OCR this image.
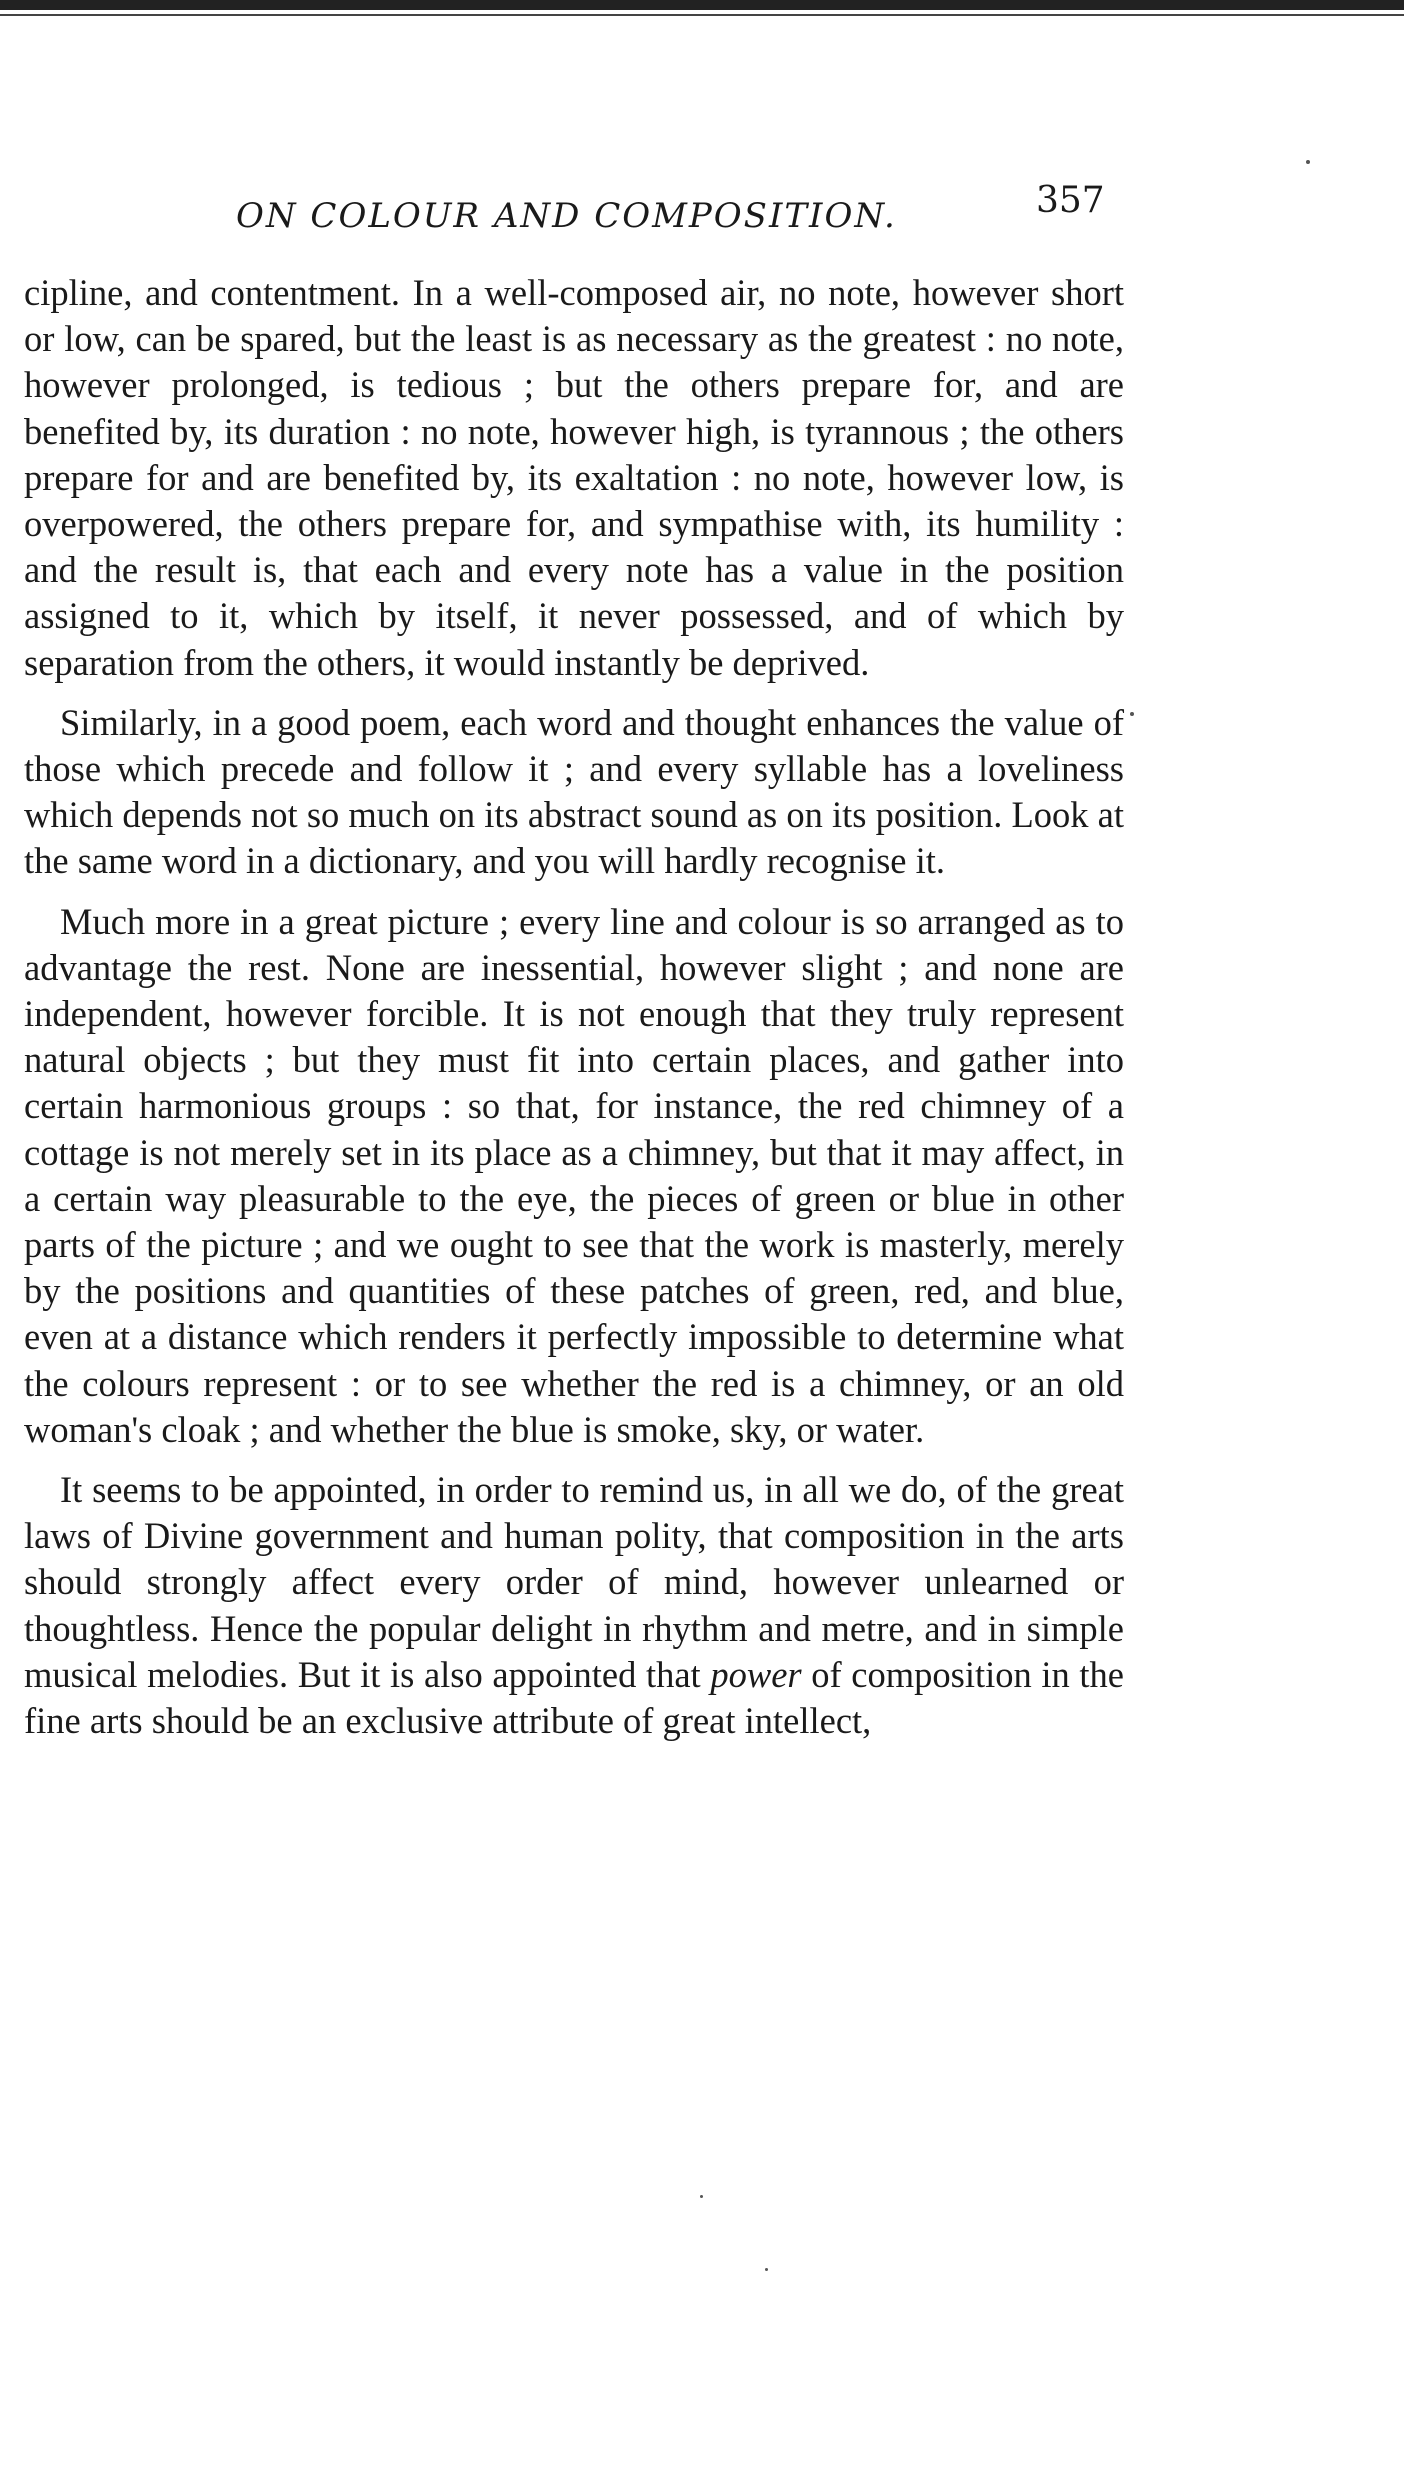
ON COLOUR AND COMPOSITION.	357

cipline, and contentment. In a well-composed air, no note, however short or low, can be spared, but the least is as necessary as the greatest : no note, however prolonged, is tedious ; but the others prepare for, and are benefited by, its duration : no note, however high, is tyrannous ; the others prepare for and are benefited by, its exaltation : no note, however low, is overpowered, the others prepare for, and sympathise with, its humility : and the result is, that each and every note has a value in the position assigned to it, which by itself, it never possessed, and of which by separation from the others, it would instantly be deprived.

Similarly, in a good poem, each word and thought enhances the value of those which precede and follow it ; and every syllable has a loveliness which depends not so much on its abstract sound as on its position. Look at the same word in a dictionary, and you will hardly recognise it.

Much more in a great picture ; every line and colour is so arranged as to advantage the rest. None are inessential, however slight ; and none are independent, however forcible. It is not enough that they truly represent natural objects ; but they must fit into certain places, and gather into certain harmonious groups : so that, for instance, the red chimney of a cottage is not merely set in its place as a chimney, but that it may affect, in a certain way pleasurable to the eye, the pieces of green or blue in other parts of the picture ; and we ought to see that the work is masterly, merely by the positions and quantities of these patches of green, red, and blue, even at a distance which renders it perfectly impossible to determine what the colours represent : or to see whether the red is a chimney, or an old woman's cloak ; and whether the blue is smoke, sky, or water.

It seems to be appointed, in order to remind us, in all we do, of the great laws of Divine government and human polity, that composition in the arts should strongly affect every order of mind, however unlearned or thoughtless. Hence the popular delight in rhythm and metre, and in simple musical melodies. But it is also appointed that power of composition in the fine arts should be an exclusive attribute of great intellect,
